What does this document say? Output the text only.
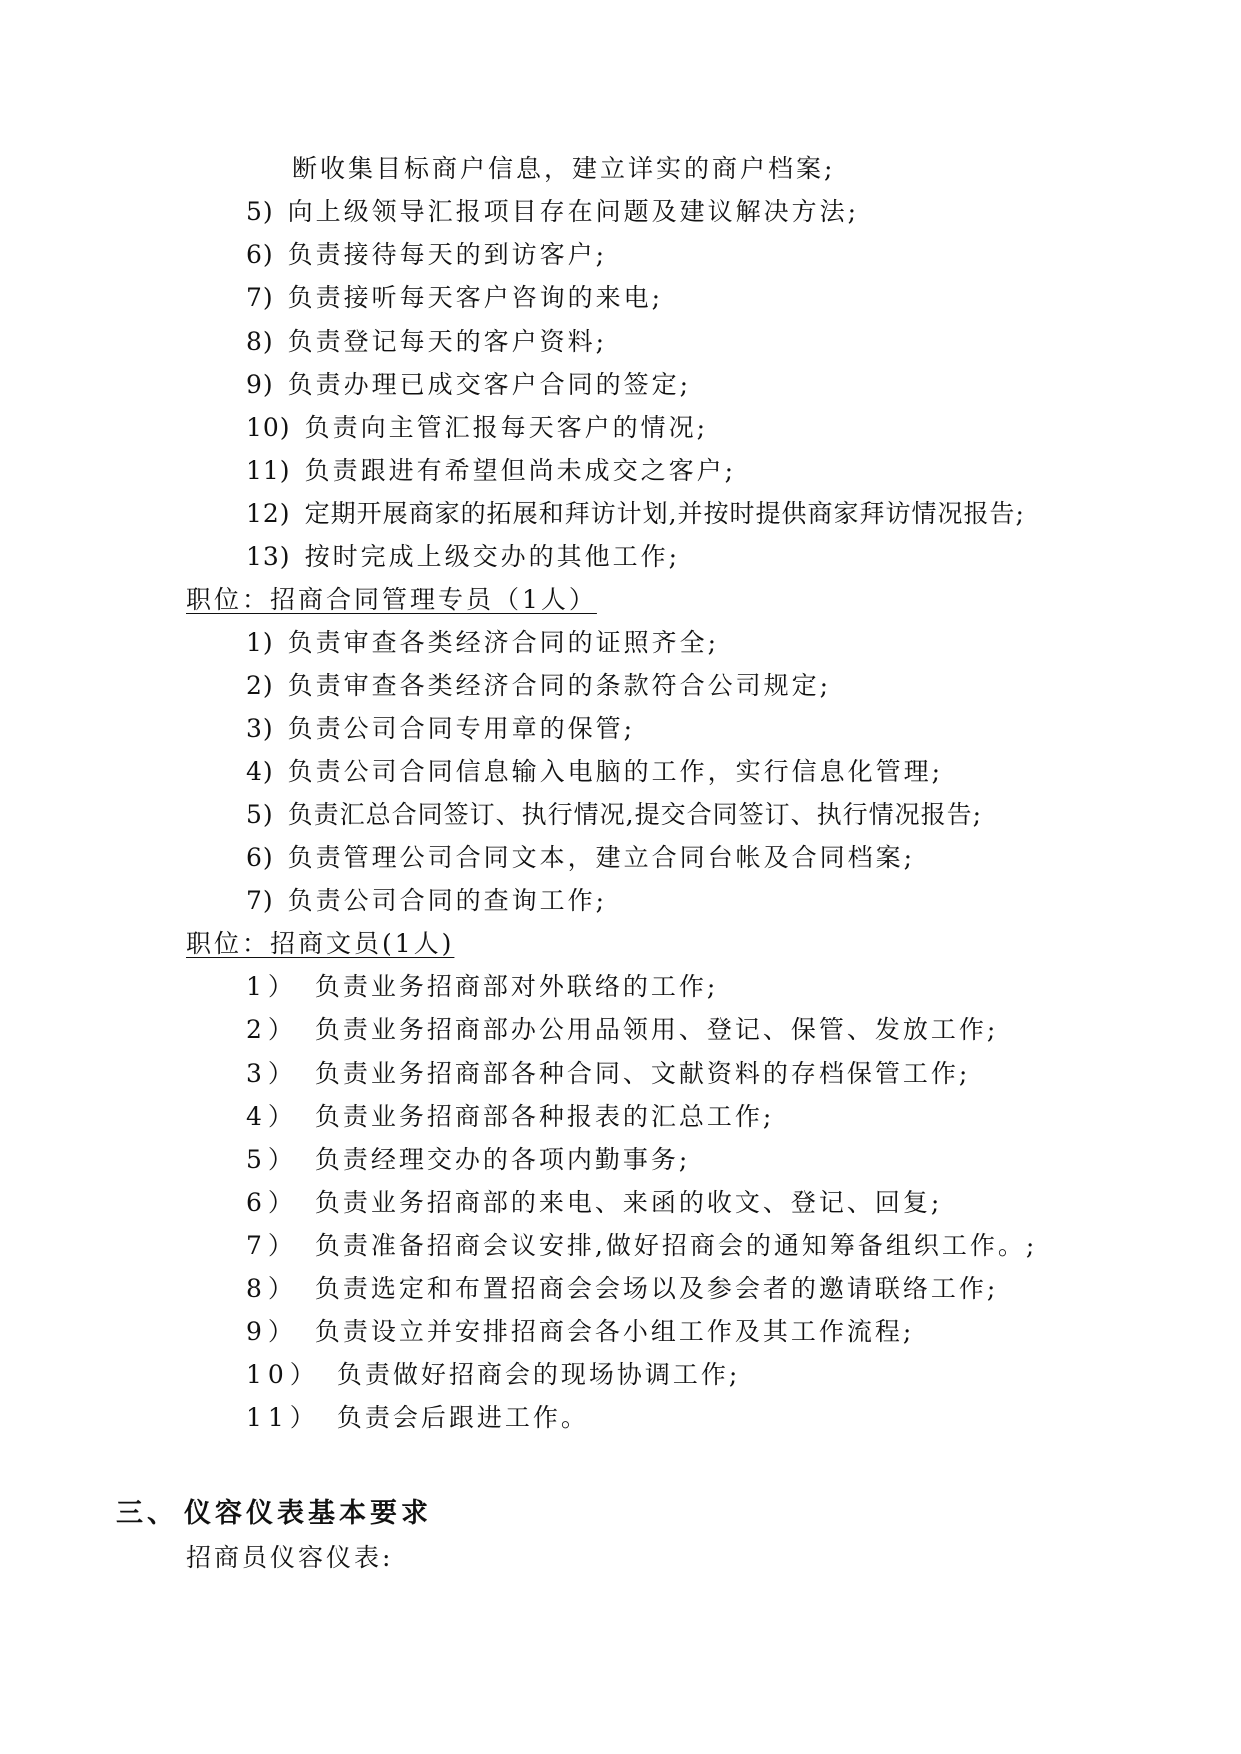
断收集目标商户信息，建立详实的商户档案;
5) 向上级领导汇报项目存在问题及建议解决方法;
6) 负责接待每天的到访客户;
7) 负责接听每天客户咨询的来电;
8) 负责登记每天的客户资料;
9) 负责办理已成交客户合同的签定;
10) 负责向主管汇报每天客户的情况;
11) 负责跟进有希望但尚未成交之客户;
12) 定期开展商家的拓展和拜访计划,并按时提供商家拜访情况报告;
13) 按时完成上级交办的其他工作;
职位：招商合同管理专员（1人）
1) 负责审查各类经济合同的证照齐全;
2) 负责审查各类经济合同的条款符合公司规定;
3) 负责公司合同专用章的保管;
4) 负责公司合同信息输入电脑的工作，实行信息化管理;
5) 负责汇总合同签订、执行情况,提交合同签订、执行情况报告;
6) 负责管理公司合同文本，建立合同台帐及合同档案;
7) 负责公司合同的查询工作;
职位：招商文员(1人)
1） 负责业务招商部对外联络的工作;
2） 负责业务招商部办公用品领用、登记、保管、发放工作;
3） 负责业务招商部各种合同、文献资料的存档保管工作;
4） 负责业务招商部各种报表的汇总工作;
5） 负责经理交办的各项内勤事务;
6） 负责业务招商部的来电、来函的收文、登记、回复;
7） 负责准备招商会议安排,做好招商会的通知筹备组织工作。;
8） 负责选定和布置招商会会场以及参会者的邀请联络工作;
9） 负责设立并安排招商会各小组工作及其工作流程;
10） 负责做好招商会的现场协调工作;
11） 负责会后跟进工作。
三、 仪容仪表基本要求
招商员仪容仪表:
